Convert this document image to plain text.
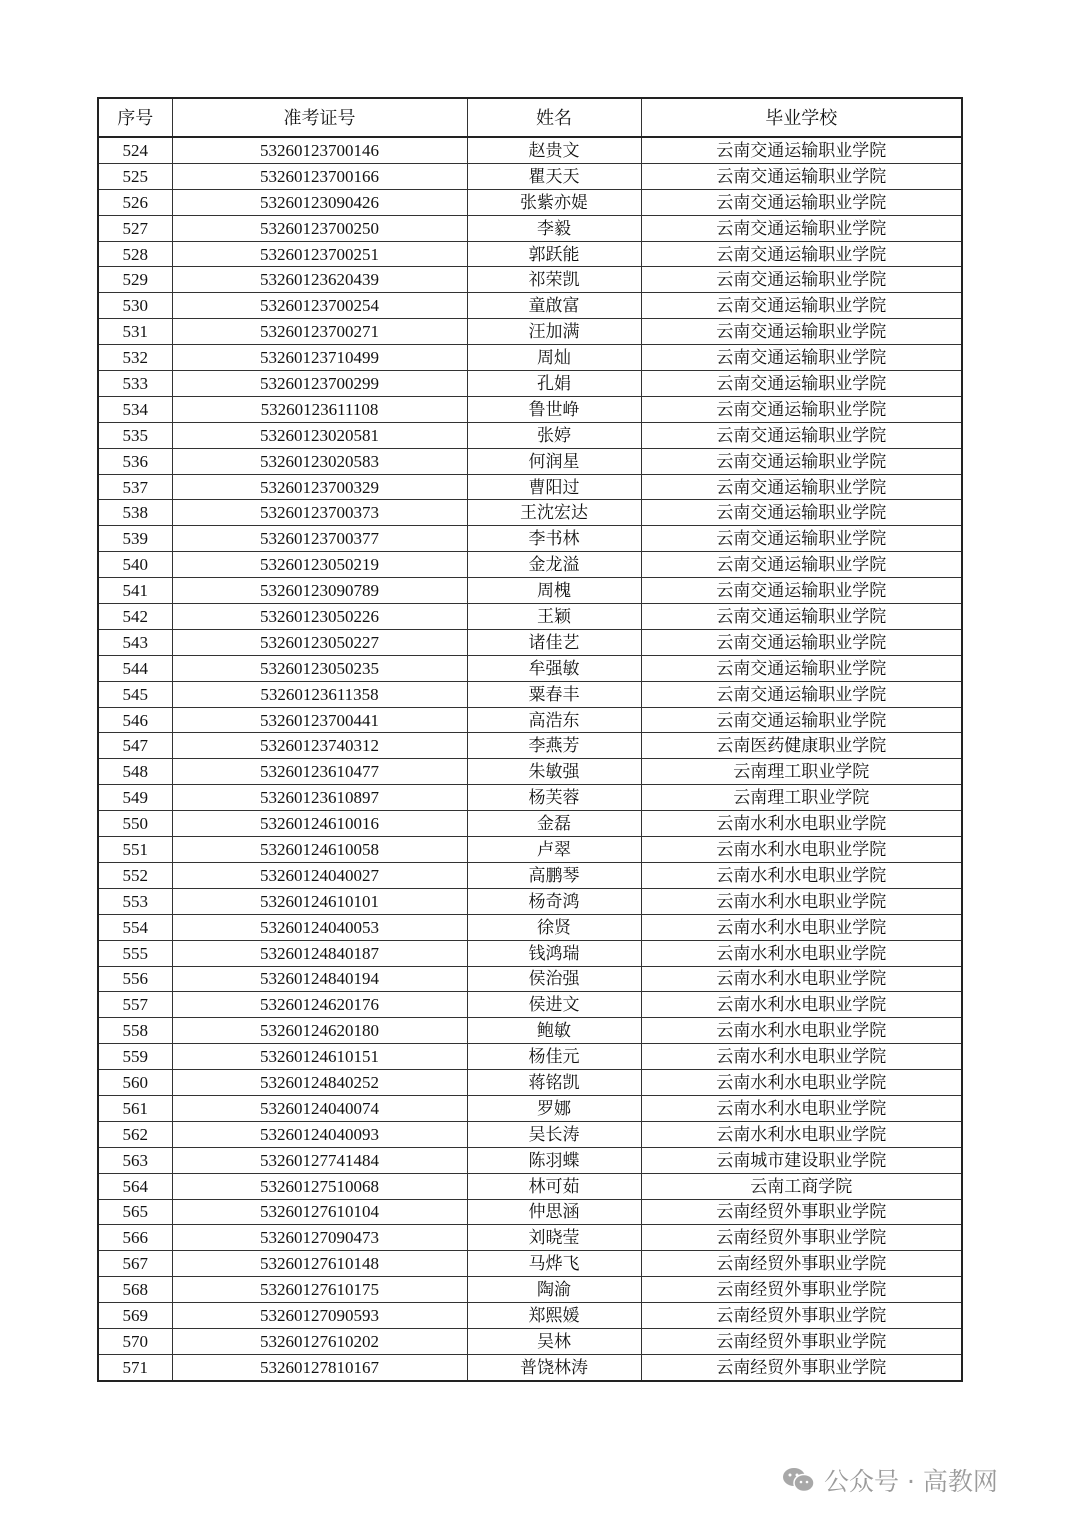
序号	准考证号	姓名	毕业学校
524	53260123700146	赵贵文	云南交通运输职业学院
525	53260123700166	瞿天天	云南交通运输职业学院
526	53260123090426	张紫亦媞	云南交通运输职业学院
527	53260123700250	李毅	云南交通运输职业学院
528	53260123700251	郭跃能	云南交通运输职业学院
529	53260123620439	祁荣凯	云南交通运输职业学院
530	53260123700254	童啟富	云南交通运输职业学院
531	53260123700271	汪加满	云南交通运输职业学院
532	53260123710499	周灿	云南交通运输职业学院
533	53260123700299	孔娟	云南交通运输职业学院
534	53260123611108	鲁世峥	云南交通运输职业学院
535	53260123020581	张婷	云南交通运输职业学院
536	53260123020583	何润星	云南交通运输职业学院
537	53260123700329	曹阳过	云南交通运输职业学院
538	53260123700373	王沈宏达	云南交通运输职业学院
539	53260123700377	李书林	云南交通运输职业学院
540	53260123050219	金龙溢	云南交通运输职业学院
541	53260123090789	周槐	云南交通运输职业学院
542	53260123050226	王颖	云南交通运输职业学院
543	53260123050227	诸佳艺	云南交通运输职业学院
544	53260123050235	牟强敏	云南交通运输职业学院
545	53260123611358	粟春丰	云南交通运输职业学院
546	53260123700441	高浩东	云南交通运输职业学院
547	53260123740312	李燕芳	云南医药健康职业学院
548	53260123610477	朱敏强	云南理工职业学院
549	53260123610897	杨芙蓉	云南理工职业学院
550	53260124610016	金磊	云南水利水电职业学院
551	53260124610058	卢翠	云南水利水电职业学院
552	53260124040027	高鹏琴	云南水利水电职业学院
553	53260124610101	杨奇鸿	云南水利水电职业学院
554	53260124040053	徐贤	云南水利水电职业学院
555	53260124840187	钱鸿瑞	云南水利水电职业学院
556	53260124840194	侯治强	云南水利水电职业学院
557	53260124620176	侯进文	云南水利水电职业学院
558	53260124620180	鲍敏	云南水利水电职业学院
559	53260124610151	杨佳元	云南水利水电职业学院
560	53260124840252	蒋铭凯	云南水利水电职业学院
561	53260124040074	罗娜	云南水利水电职业学院
562	53260124040093	吴长涛	云南水利水电职业学院
563	53260127741484	陈羽蝶	云南城市建设职业学院
564	53260127510068	林可茹	云南工商学院
565	53260127610104	仲思涵	云南经贸外事职业学院
566	53260127090473	刘晓莹	云南经贸外事职业学院
567	53260127610148	马烨飞	云南经贸外事职业学院
568	53260127610175	陶渝	云南经贸外事职业学院
569	53260127090593	郑熙媛	云南经贸外事职业学院
570	53260127610202	吴林	云南经贸外事职业学院
571	53260127810167	普饶林涛	云南经贸外事职业学院
公众号 · 高教网
